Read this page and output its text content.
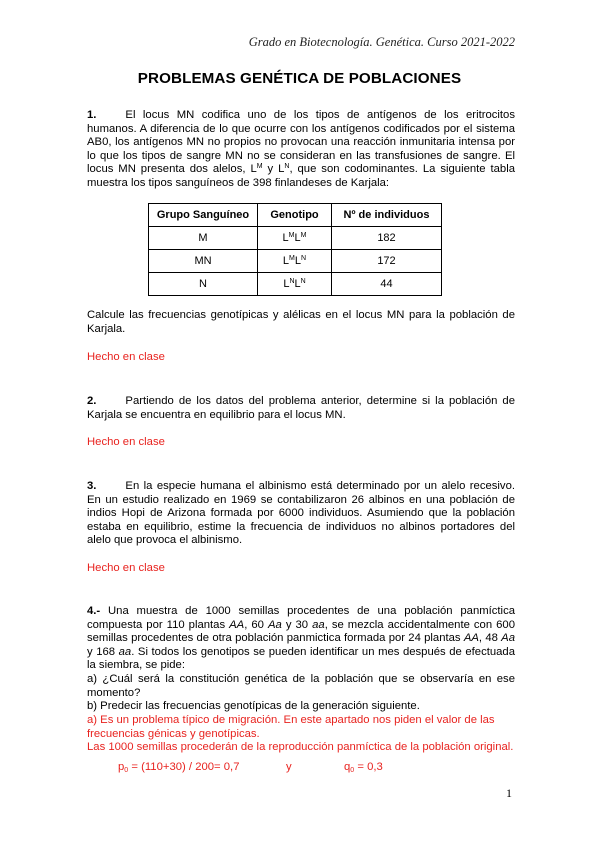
Grado en Biotecnología. Genética. Curso 2021-2022
PROBLEMAS GENÉTICA DE POBLACIONES
1.	El locus MN codifica uno de los tipos de antígenos de los eritrocitos humanos. A diferencia de lo que ocurre con los antígenos codificados por el sistema AB0, los antígenos MN no propios no provocan una reacción inmunitaria intensa por lo que los tipos de sangre MN no se consideran en las transfusiones de sangre. El locus MN presenta dos alelos, $L^M$ y $L^N$, que son codominantes. La siguiente tabla muestra los tipos sanguíneos de 398 finlandeses de Karjala:
Grupo Sanguíneo	Genotipo	Nº de individuos
M	$L^ML^M$	182
MN	$L^ML^N$	172
N	$L^NL^N$	44
Calcule las frecuencias genotípicas y alélicas en el locus MN para la población de Karjala.
Hecho en clase
2.	Partiendo de los datos del problema anterior, determine si la población de Karjala se encuentra en equilibrio para el locus MN.
Hecho en clase
3.	En la especie humana el albinismo está determinado por un alelo recesivo. En un estudio realizado en 1969 se contabilizaron 26 albinos en una población de indios Hopi de Arizona formada por 6000 individuos. Asumiendo que la población estaba en equilibrio, estime la frecuencia de individuos no albinos portadores del alelo que provoca el albinismo.
Hecho en clase
4.- Una muestra de 1000 semillas procedentes de una población panmíctica compuesta por 110 plantas AA, 60 Aa y 30 aa, se mezcla accidentalmente con 600 semillas procedentes de otra población panmictica formada por 24 plantas AA, 48 Aa y 168 aa. Si todos los genotipos se pueden identificar un mes después de efectuada la siembra, se pide:
a) ¿Cuál será la constitución genética de la población que se observaría en ese momento?
b) Predecir las frecuencias genotípicas de la generación siguiente.
a) Es un problema típico de migración. En este apartado nos piden el valor de las frecuencias génicas y genotípicas.
Las 1000 semillas procederán de la reproducción panmíctica de la población original.
$p_0 = (110+30) / 200= 0,7$	y	$q_0 = 0,3$
1
